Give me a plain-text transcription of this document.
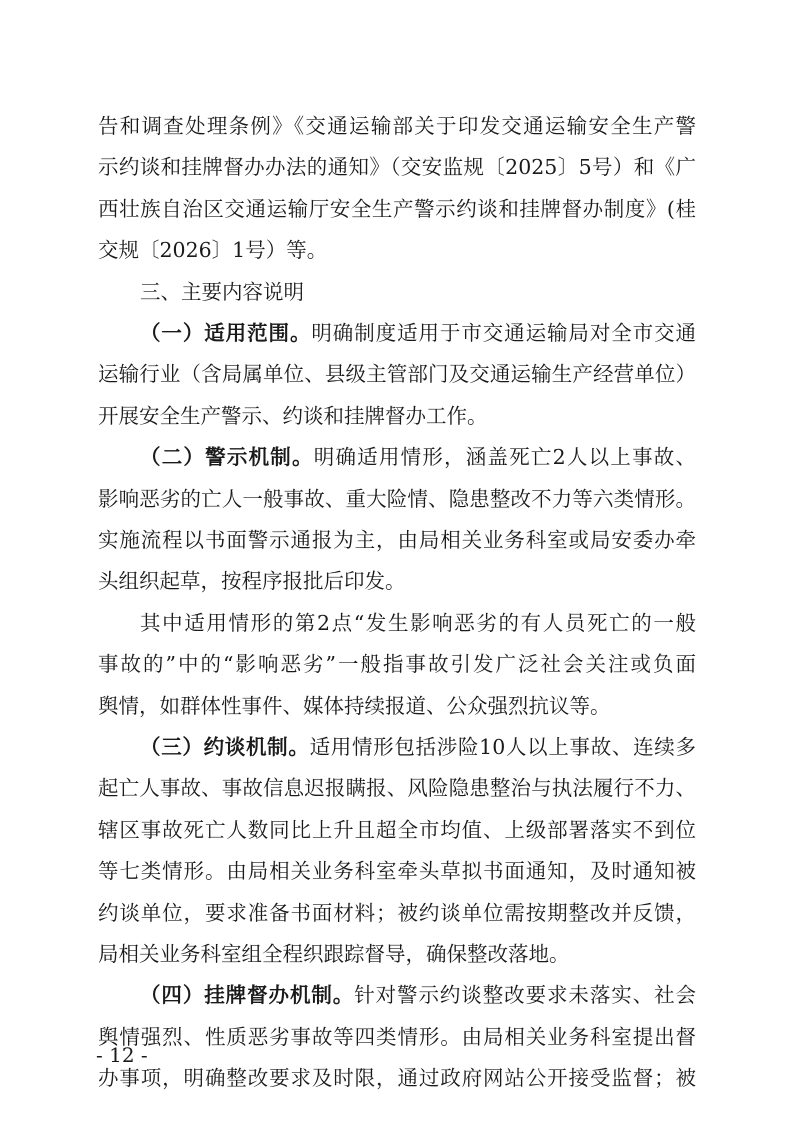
告和调查处理条例》《交通运输部关于印发交通运输安全生产警
示约谈和挂牌督办办法的通知》（交安监规〔2025〕5号）和《广
西壮族自治区交通运输厅安全生产警示约谈和挂牌督办制度》(桂
交规〔2026〕1号）等。
三、主要内容说明
（一）适用范围。明确制度适用于市交通运输局对全市交通
运输行业（含局属单位、县级主管部门及交通运输生产经营单位）
开展安全生产警示、约谈和挂牌督办工作。
（二）警示机制。明确适用情形，涵盖死亡2人以上事故、
影响恶劣的亡人一般事故、重大险情、隐患整改不力等六类情形。
实施流程以书面警示通报为主，由局相关业务科室或局安委办牵
头组织起草，按程序报批后印发。
其中适用情形的第2点“发生影响恶劣的有人员死亡的一般
事故的”中的“影响恶劣”一般指事故引发广泛社会关注或负面
舆情，如群体性事件、媒体持续报道、公众强烈抗议等。
（三）约谈机制。适用情形包括涉险10人以上事故、连续多
起亡人事故、事故信息迟报瞒报、风险隐患整治与执法履行不力、
辖区事故死亡人数同比上升且超全市均值、上级部署落实不到位
等七类情形。由局相关业务科室牵头草拟书面通知，及时通知被
约谈单位，要求准备书面材料；被约谈单位需按期整改并反馈，
局相关业务科室组全程织跟踪督导，确保整改落地。
（四）挂牌督办机制。针对警示约谈整改要求未落实、社会
舆情强烈、性质恶劣事故等四类情形。由局相关业务科室提出督
办事项，明确整改要求及时限，通过政府网站公开接受监督；被
- 12 -
